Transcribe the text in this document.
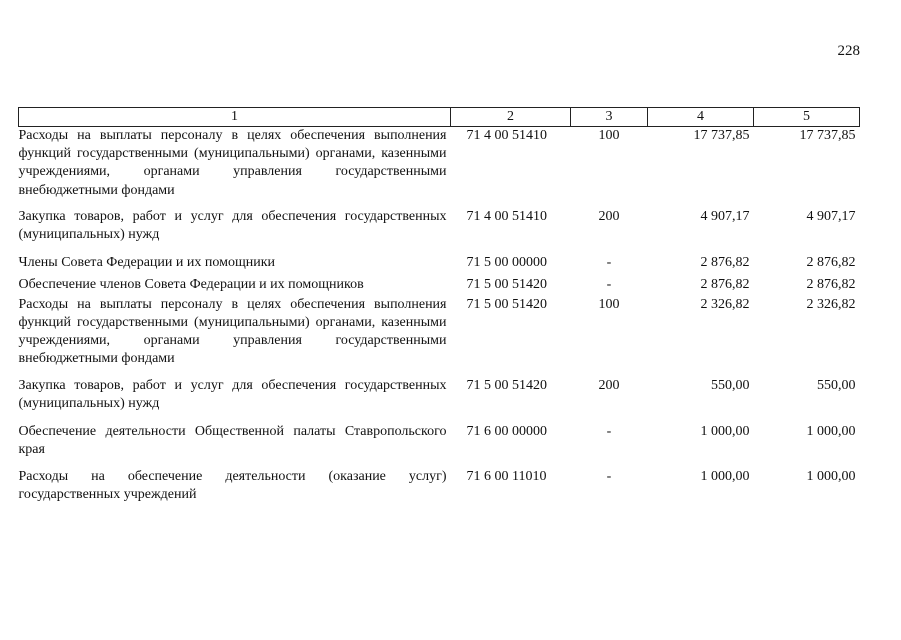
228
1	2	3	4	5
Расходы на выплаты персоналу в целях обеспечения выполнения функций государственными (муниципальными) органами, казенными учреждениями, органами управления государственными внебюджетными фондами	71 4 00 51410	100	17 737,85	17 737,85
Закупка товаров, работ и услуг для обеспечения государственных (муниципальных) нужд	71 4 00 51410	200	4 907,17	4 907,17
Члены Совета Федерации и их помощники	71 5 00 00000	-	2 876,82	2 876,82
Обеспечение членов Совета Федерации и их помощников	71 5 00 51420	-	2 876,82	2 876,82
Расходы на выплаты персоналу в целях обеспечения выполнения функций государственными (муниципальными) органами, казенными учреждениями, органами управления государственными внебюджетными фондами	71 5 00 51420	100	2 326,82	2 326,82
Закупка товаров, работ и услуг для обеспечения государственных (муниципальных) нужд	71 5 00 51420	200	550,00	550,00
Обеспечение деятельности Общественной палаты Ставропольского края	71 6 00 00000	-	1 000,00	1 000,00
Расходы на обеспечение деятельности (оказание услуг) государственных учреждений	71 6 00 11010	-	1 000,00	1 000,00
